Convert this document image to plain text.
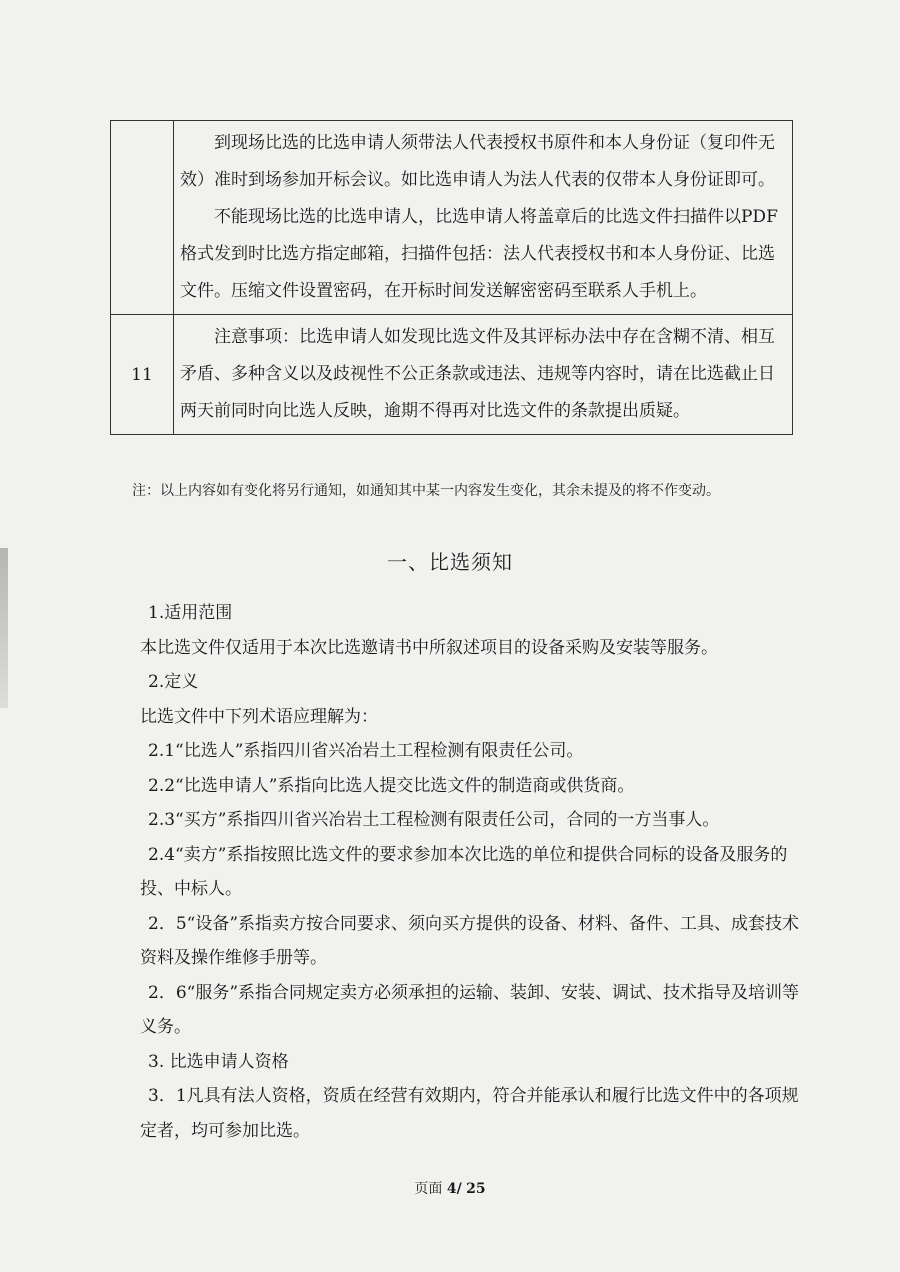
	到现场比选的比选申请人须带法人代表授权书原件和本人身份证（复印件无效）准时到场参加开标会议。如比选申请人为法人代表的仅带本人身份证即可。

不能现场比选的比选申请人，比选申请人将盖章后的比选文件扫描件以PDF格式发到时比选方指定邮箱，扫描件包括：法人代表授权书和本人身份证、比选文件。压缩文件设置密码，在开标时间发送解密密码至联系人手机上。

11	注意事项：比选申请人如发现比选文件及其评标办法中存在含糊不清、相互矛盾、多种含义以及歧视性不公正条款或违法、违规等内容时，请在比选截止日两天前同时向比选人反映，逾期不得再对比选文件的条款提出质疑。

注：以上内容如有变化将另行通知，如通知其中某一内容发生变化，其余未提及的将不作变动。
一、比选须知

1.适用范围

本比选文件仅适用于本次比选邀请书中所叙述项目的设备采购及安装等服务。

2.定义

比选文件中下列术语应理解为：

2.1“比选人”系指四川省兴冶岩土工程检测有限责任公司。

2.2“比选申请人”系指向比选人提交比选文件的制造商或供货商。

2.3“买方”系指四川省兴冶岩土工程检测有限责任公司，合同的一方当事人。

2.4“卖方”系指按照比选文件的要求参加本次比选的单位和提供合同标的设备及服务的投、中标人。

2．5“设备”系指卖方按合同要求、须向买方提供的设备、材料、备件、工具、成套技术资料及操作维修手册等。

2．6“服务”系指合同规定卖方必须承担的运输、装卸、安装、调试、技术指导及培训等义务。

3. 比选申请人资格

3．1凡具有法人资格，资质在经营有效期内，符合并能承认和履行比选文件中的各项规定者，均可参加比选。

页面 4/ 25
